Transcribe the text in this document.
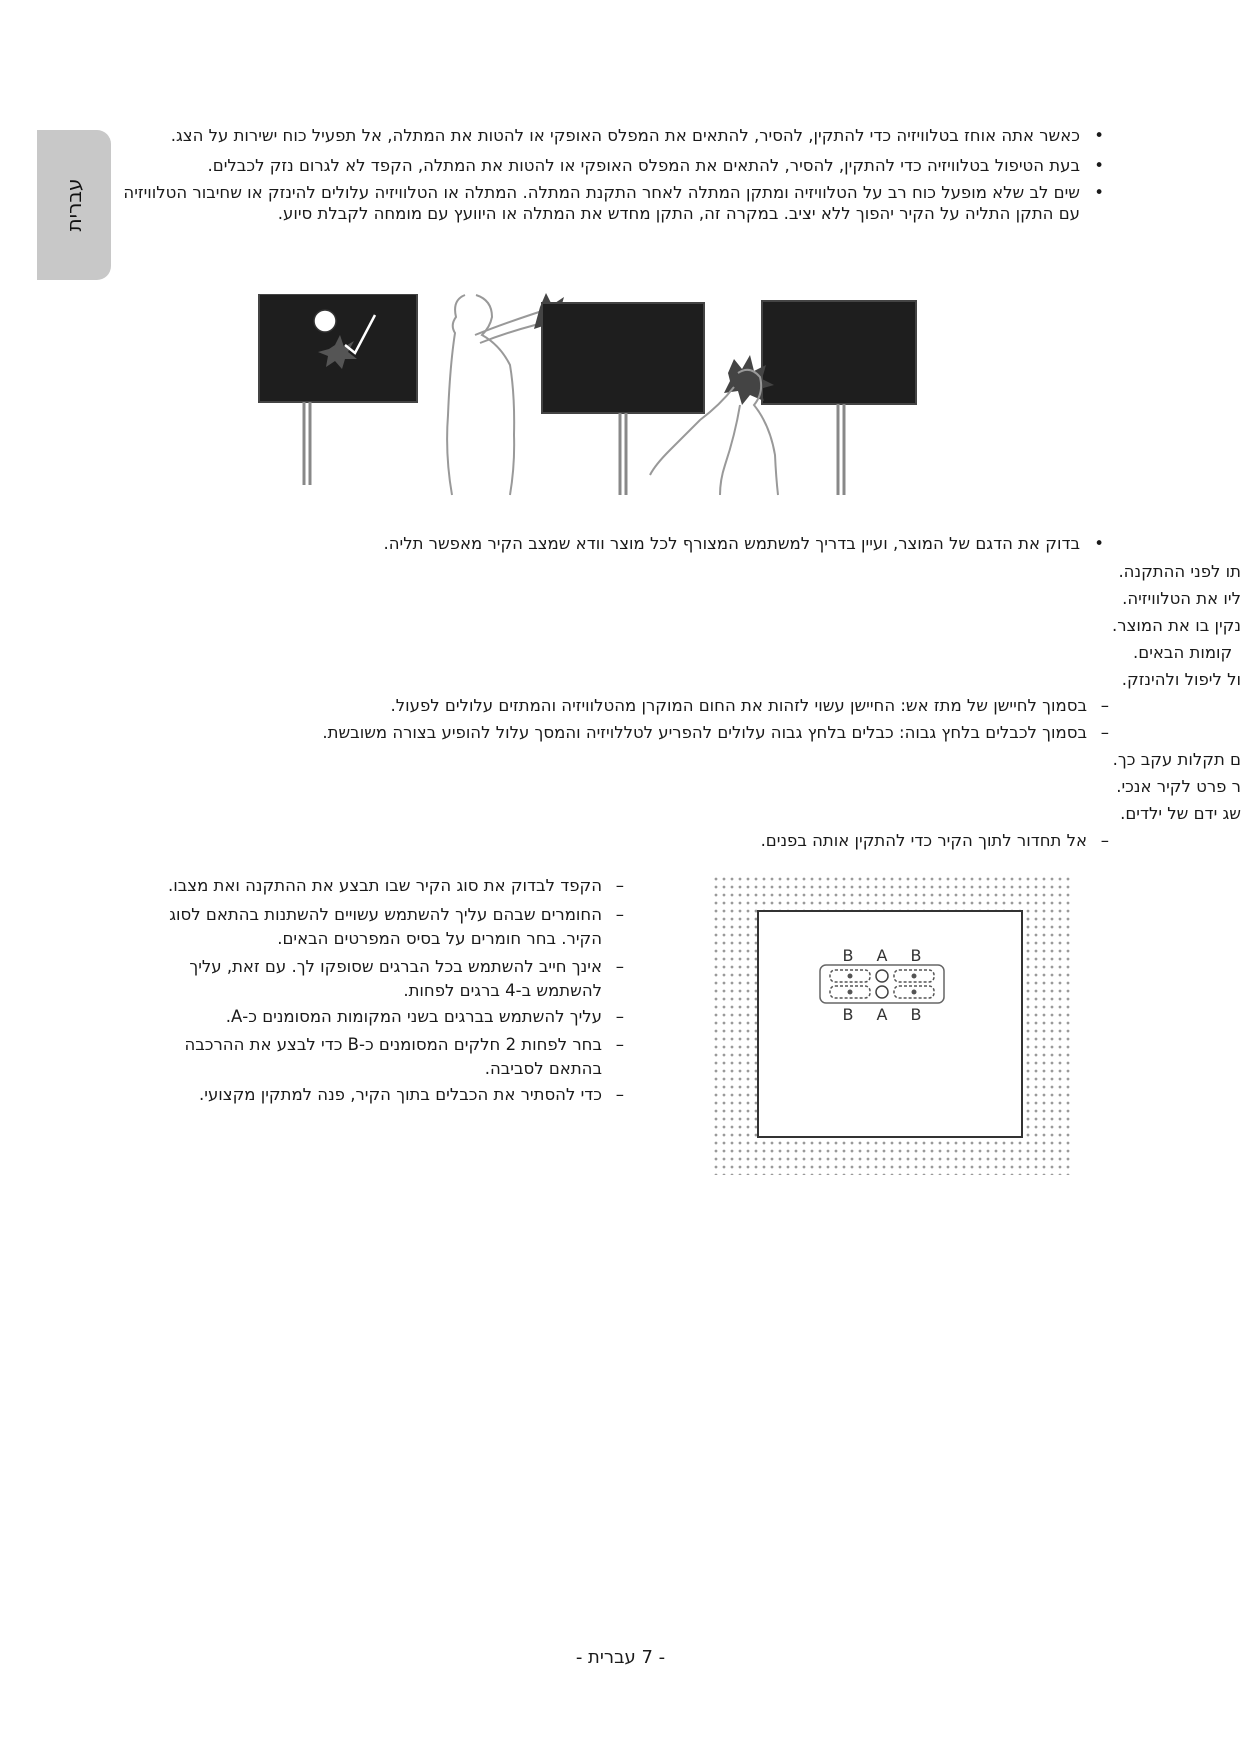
עברית
•
כאשר אתה אוחז בטלוויזיה כדי להתקין, להסיר, להתאים את המפלס האופקי או להטות את המתלה, אל תפעיל כוח ישירות על הצג.
•
בעת הטיפול בטלוויזיה כדי להתקין, להסיר, להתאים את המפלס האופקי או להטות את המתלה, הקפד לא לגרום נזק לכבלים.
•
שים לב שלא מופעל כוח רב על הטלוויזיה ומתקן המתלה לאחר התקנת המתלה. המתלה או הטלוויזיה עלולים להינזק או שחיבור הטלוויזיה עם התקן התליה על הקיר יהפוך ללא יציב. במקרה זה, התקן מחדש את המתלה או היוועץ עם מומחה לקבלת סיוע.
•
בדוק את הדגם של המוצר, ועיין בדריך למשתמש המצורף לכל מוצר וודא שמצב הקיר מאפשר תליה.
תו לפני ההתקנה.
ליו את הטלוויזיה.
נקין בו את המוצר.
קומות הבאים.
ול ליפול ולהינזק.
–
בסמוך לחיישן של מתז אש: החיישן עשוי לזהות את החום המוקרן מהטלוויזיה והמתזים עלולים לפעול.
–
בסמוך לכבלים בלחץ גבוה: כבלים בלחץ גבוה עלולים להפריע לטללויזיה והמסך עלול להופיע בצורה משובשת.
ם תקלות עקב כך.
ר פרט לקיר אנכי.
שג ידם של ילדים.
–
אל תחדור לתוך הקיר כדי להתקין אותה בפנים.
–
הקפד לבדוק את סוג הקיר שבו תבצע את ההתקנה ואת מצבו.
–
החומרים שבהם עליך להשתמש עשויים להשתנות בהתאם לסוג הקיר. בחר חומרים על בסיס המפרטים הבאים.
–
אינך חייב להשתמש בכל הברגים שסופקו לך. עם זאת, עליך להשתמש ב-4 ברגים לפחות.
–
עליך להשתמש בברגים בשני המקומות המסומנים כ-A.
–
בחר לפחות 2 חלקים המסומנים כ-B כדי לבצע את ההרכבה בהתאם לסביבה.
–
כדי להסתיר את הכבלים בתוך הקיר, פנה למתקין מקצועי.
B A B
B A B
- 7 עברית -
